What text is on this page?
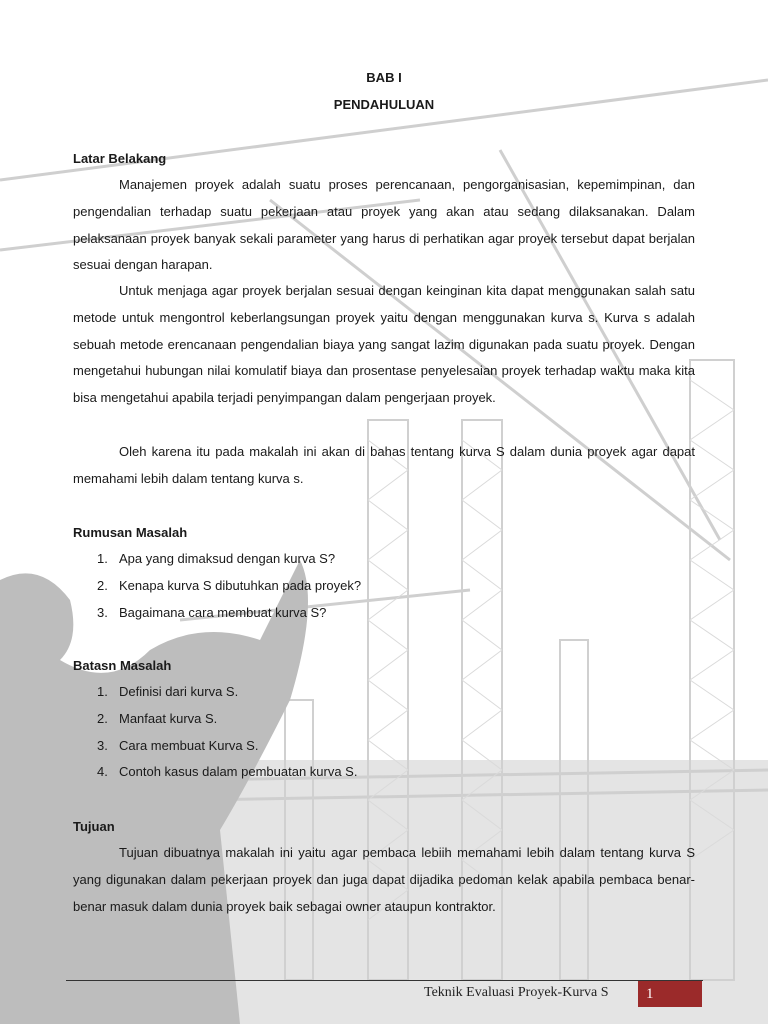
BAB I
PENDAHULUAN
Latar Belakang

Manajemen proyek adalah suatu proses perencanaan, pengorganisasian, kepemimpinan, dan pengendalian terhadap suatu pekerjaan atau proyek yang akan atau sedang dilaksanakan. Dalam pelaksanaan proyek banyak sekali parameter yang harus di perhatikan agar proyek tersebut dapat berjalan sesuai dengan harapan.

Untuk menjaga agar proyek berjalan sesuai dengan keinginan kita dapat menggunakan salah satu metode untuk mengontrol keberlangsungan proyek yaitu dengan menggunakan kurva s. Kurva s adalah sebuah metode erencanaan pengendalian biaya yang sangat lazim digunakan pada suatu proyek. Dengan mengetahui hubungan nilai komulatif biaya dan prosentase penyelesaian proyek terhadap waktu maka kita bisa mengetahui apabila terjadi penyimpangan dalam pengerjaan proyek.

Oleh karena itu pada makalah ini akan di bahas tentang kurva S dalam dunia proyek agar dapat memahami lebih dalam tentang kurva s.

Rumusan Masalah
1. Apa yang dimaksud dengan kurva S?
2. Kenapa kurva S dibutuhkan pada proyek?
3. Bagaimana cara membuat kurva S?
Batasn Masalah
1. Definisi dari kurva S.
2. Manfaat kurva S.
3. Cara membuat Kurva S.
4. Contoh kasus dalam pembuatan kurva S.
Tujuan

Tujuan dibuatnya makalah ini yaitu agar pembaca lebiih memahami lebih dalam tentang kurva S yang digunakan dalam pekerjaan proyek dan juga dapat dijadika pedoman kelak apabila pembaca benar-benar masuk dalam dunia proyek baik sebagai owner ataupun kontraktor.

Teknik Evaluasi Proyek-Kurva S	1
